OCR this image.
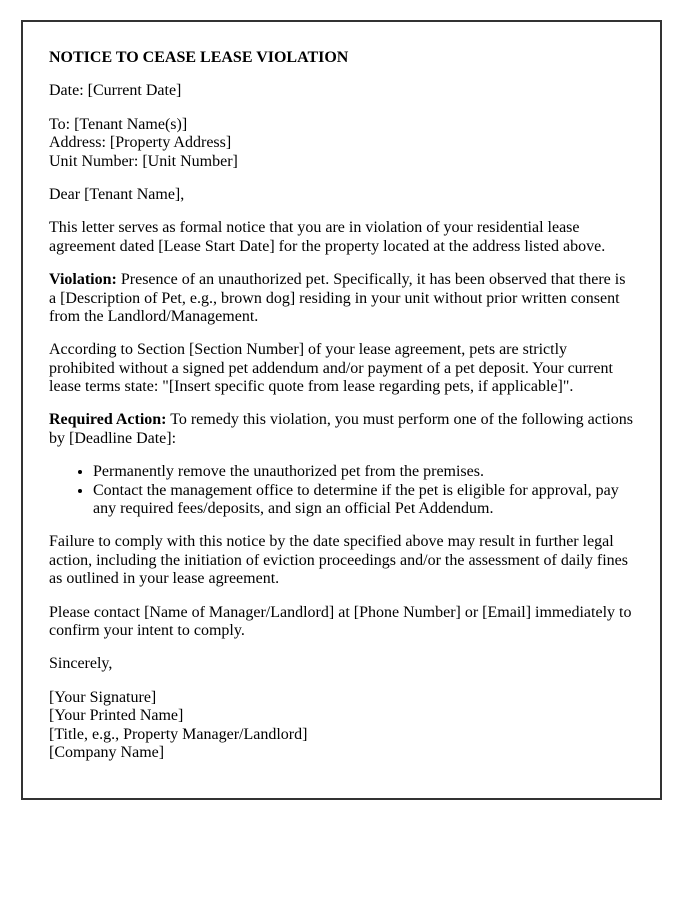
NOTICE TO CEASE LEASE VIOLATION

Date: [Current Date]

To: [Tenant Name(s)]
Address: [Property Address]
Unit Number: [Unit Number]

Dear [Tenant Name],

This letter serves as formal notice that you are in violation of your residential lease agreement dated [Lease Start Date] for the property located at the address listed above.

Violation: Presence of an unauthorized pet. Specifically, it has been observed that there is a [Description of Pet, e.g., brown dog] residing in your unit without prior written consent from the Landlord/Management.

According to Section [Section Number] of your lease agreement, pets are strictly prohibited without a signed pet addendum and/or payment of a pet deposit. Your current lease terms state: "[Insert specific quote from lease regarding pets, if applicable]".

Required Action: To remedy this violation, you must perform one of the following actions by [Deadline Date]:

• Permanently remove the unauthorized pet from the premises.
• Contact the management office to determine if the pet is eligible for approval, pay any required fees/deposits, and sign an official Pet Addendum.

Failure to comply with this notice by the date specified above may result in further legal action, including the initiation of eviction proceedings and/or the assessment of daily fines as outlined in your lease agreement.

Please contact [Name of Manager/Landlord] at [Phone Number] or [Email] immediately to confirm your intent to comply.

Sincerely,

[Your Signature]
[Your Printed Name]
[Title, e.g., Property Manager/Landlord]
[Company Name]
